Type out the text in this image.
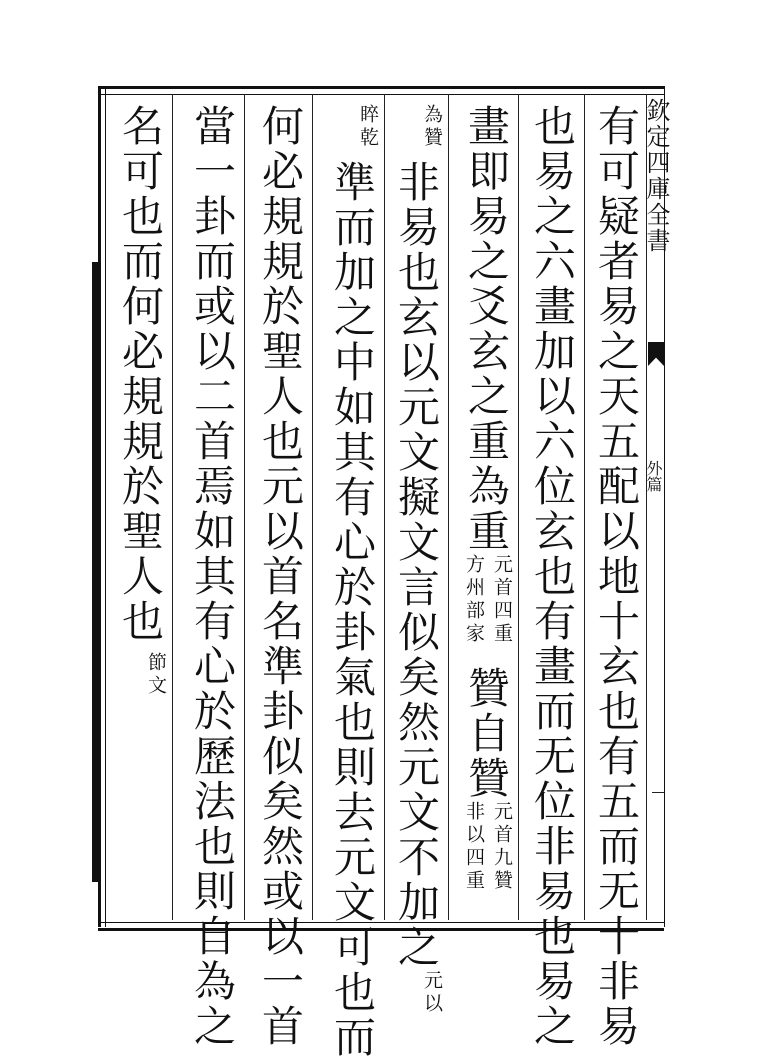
欽定四庫全書
外篇
有可疑者易之天五配以地十玄也有五而无十非易
也易之六畫加以六位玄也有畫而无位非易也易之
畫即易之爻玄之重為重元首四重方州部家贊自贊元首九贊非以四重
為贊非易也玄以元文擬文言似矣然元文不加之元以
睟乾準而加之中如其有心於卦氣也則去元文可也而
何必規規於聖人也元以首名準卦似矣然或以一首
當一卦而或以二首焉如其有心於歷法也則自為之
名可也而何必規規於聖人也節文
